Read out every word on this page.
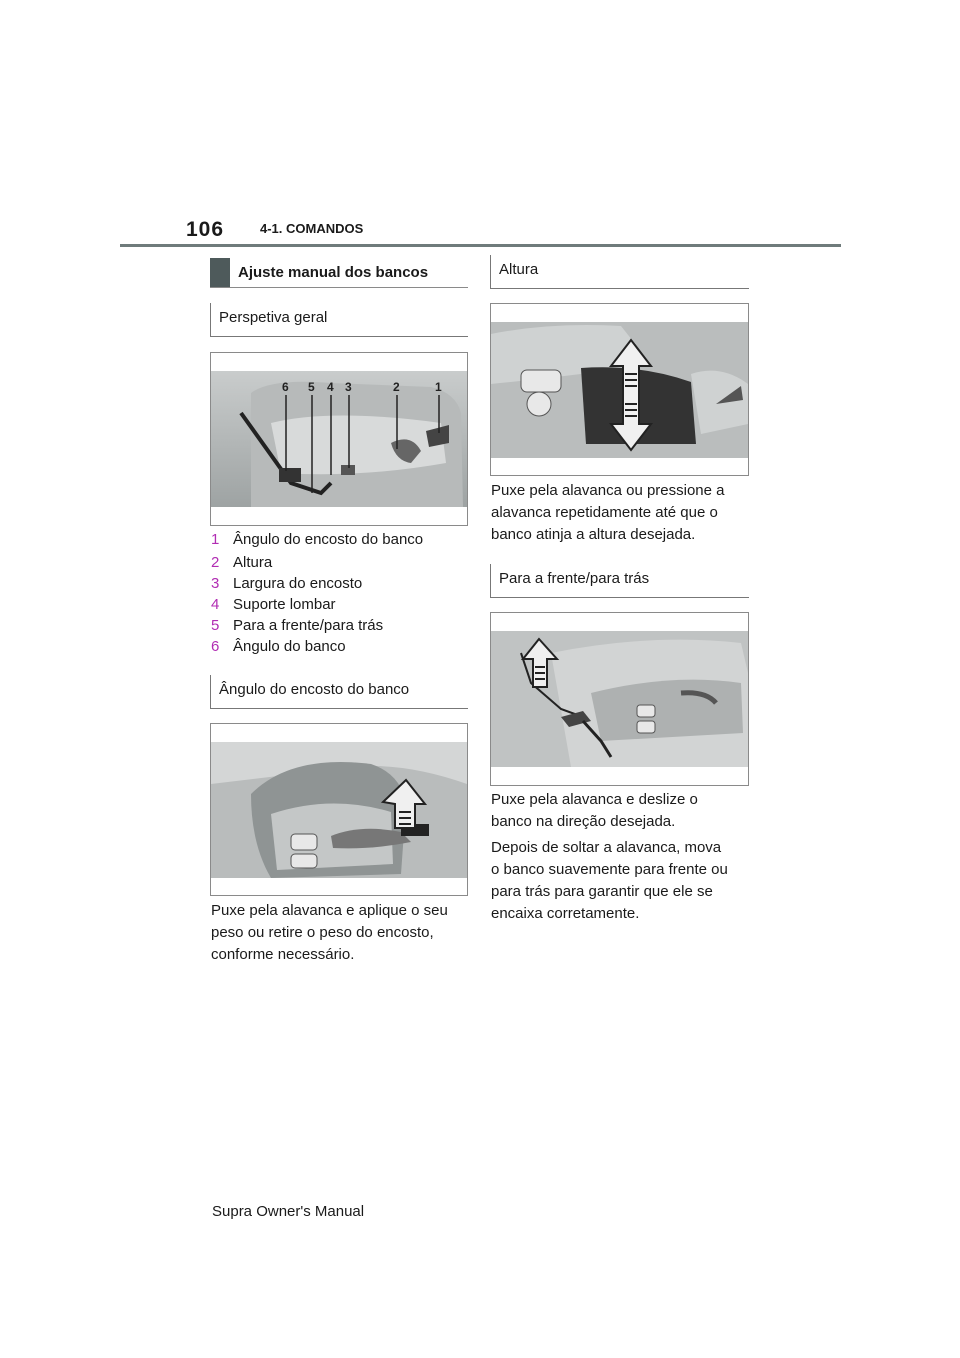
106	4-1. COMANDOS
Ajuste manual dos bancos
Perspetiva geral
6 5 4 3	2	1
1 Ângulo do encosto do banco
2 Altura
3 Largura do encosto
4 Suporte lombar
5 Para a frente/para trás
6 Ângulo do banco
Ângulo do encosto do banco
Puxe pela alavanca e aplique o seu
peso ou retire o peso do encosto,
conforme necessário.
Altura
Puxe pela alavanca ou pressione a
alavanca repetidamente até que o
banco atinja a altura desejada.
Para a frente/para trás
Puxe pela alavanca e deslize o
banco na direção desejada.
Depois de soltar a alavanca, mova
o banco suavemente para frente ou
para trás para garantir que ele se
encaixa corretamente.
Supra Owner's Manual
